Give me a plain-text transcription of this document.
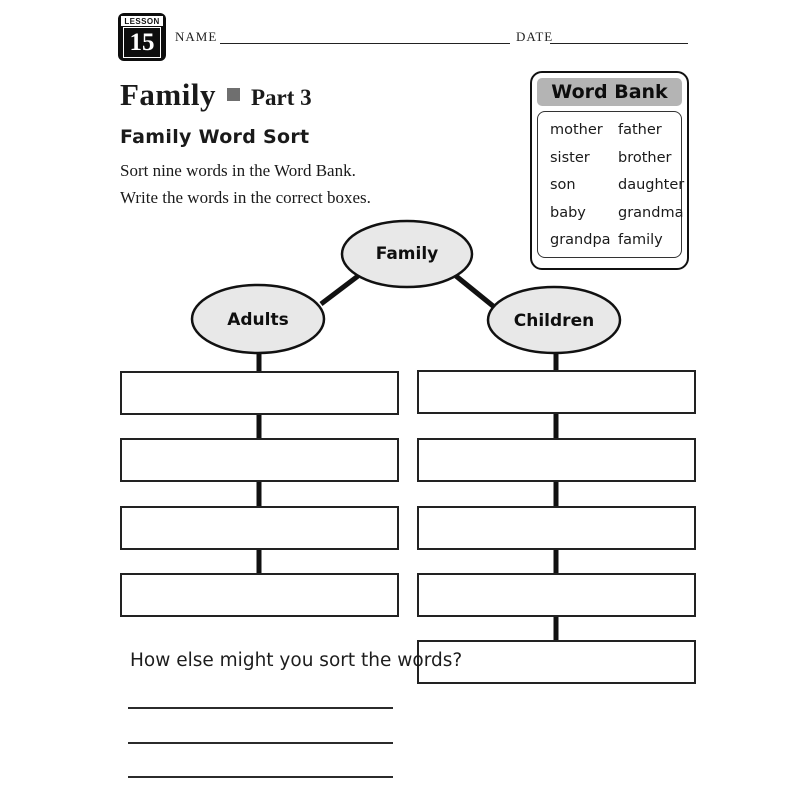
LESSON
15	NAME	DATE
Family Part 3
Family Word Sort
Sort nine words in the Word Bank.
Write the words in the correct boxes.
Word Bank
mother	father
sister	brother
son	daughter
baby	grandma
grandpa family
Family
Adults	Children
How else might you sort the words?
